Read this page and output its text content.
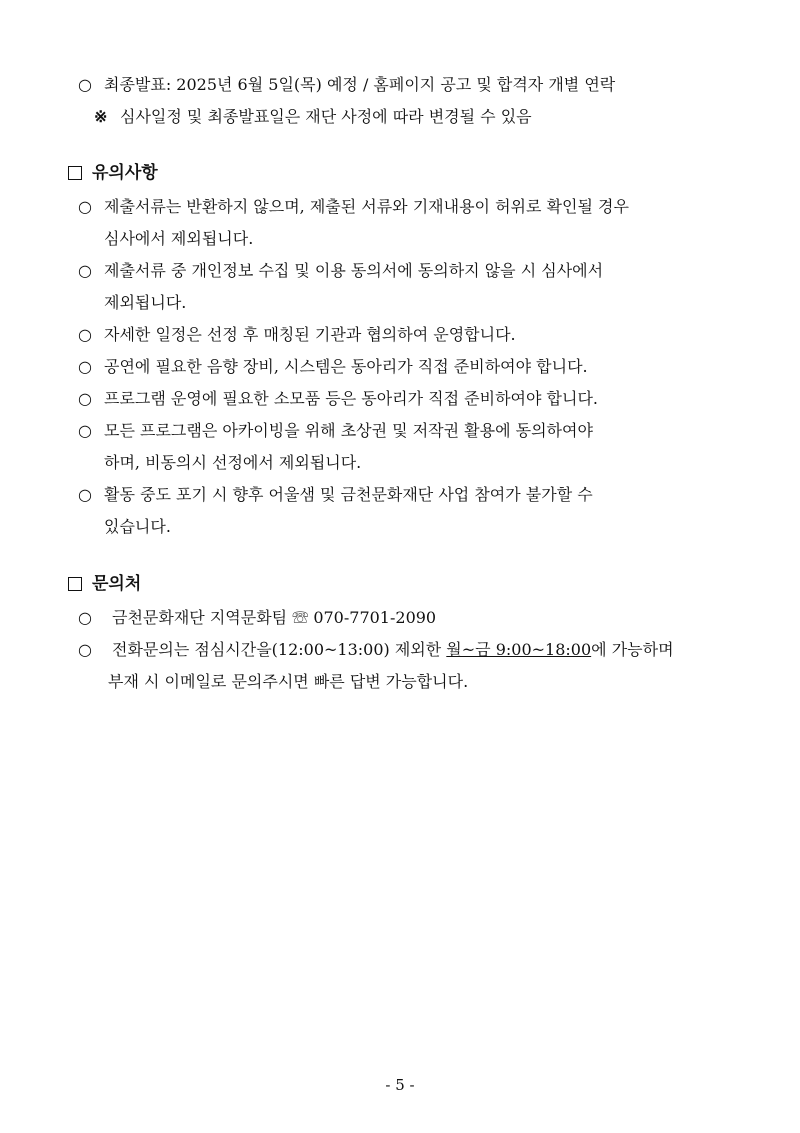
○ 최종발표: 2025년 6월 5일(목) 예정 / 홈페이지 공고 및 합격자 개별 연락
※ 심사일정 및 최종발표일은 재단 사정에 따라 변경될 수 있음
유의사항
○ 제출서류는 반환하지 않으며, 제출된 서류와 기재내용이 허위로 확인될 경우
심사에서 제외됩니다.
○ 제출서류 중 개인정보 수집 및 이용 동의서에 동의하지 않을 시 심사에서
제외됩니다.
○ 자세한 일정은 선정 후 매칭된 기관과 협의하여 운영합니다.
○ 공연에 필요한 음향 장비, 시스템은 동아리가 직접 준비하여야 합니다.
○ 프로그램 운영에 필요한 소모품 등은 동아리가 직접 준비하여야 합니다.
○ 모든 프로그램은 아카이빙을 위해 초상권 및 저작권 활용에 동의하여야
하며, 비동의시 선정에서 제외됩니다.
○ 활동 중도 포기 시 향후 어울샘 및 금천문화재단 사업 참여가 불가할 수
있습니다.
문의처
○ 금천문화재단 지역문화팀 ☏ 070-7701-2090
○ 전화문의는 점심시간을(12:00~13:00) 제외한 월~금 9:00~18:00에 가능하며
부재 시 이메일로 문의주시면 빠른 답변 가능합니다.
- 5 -
